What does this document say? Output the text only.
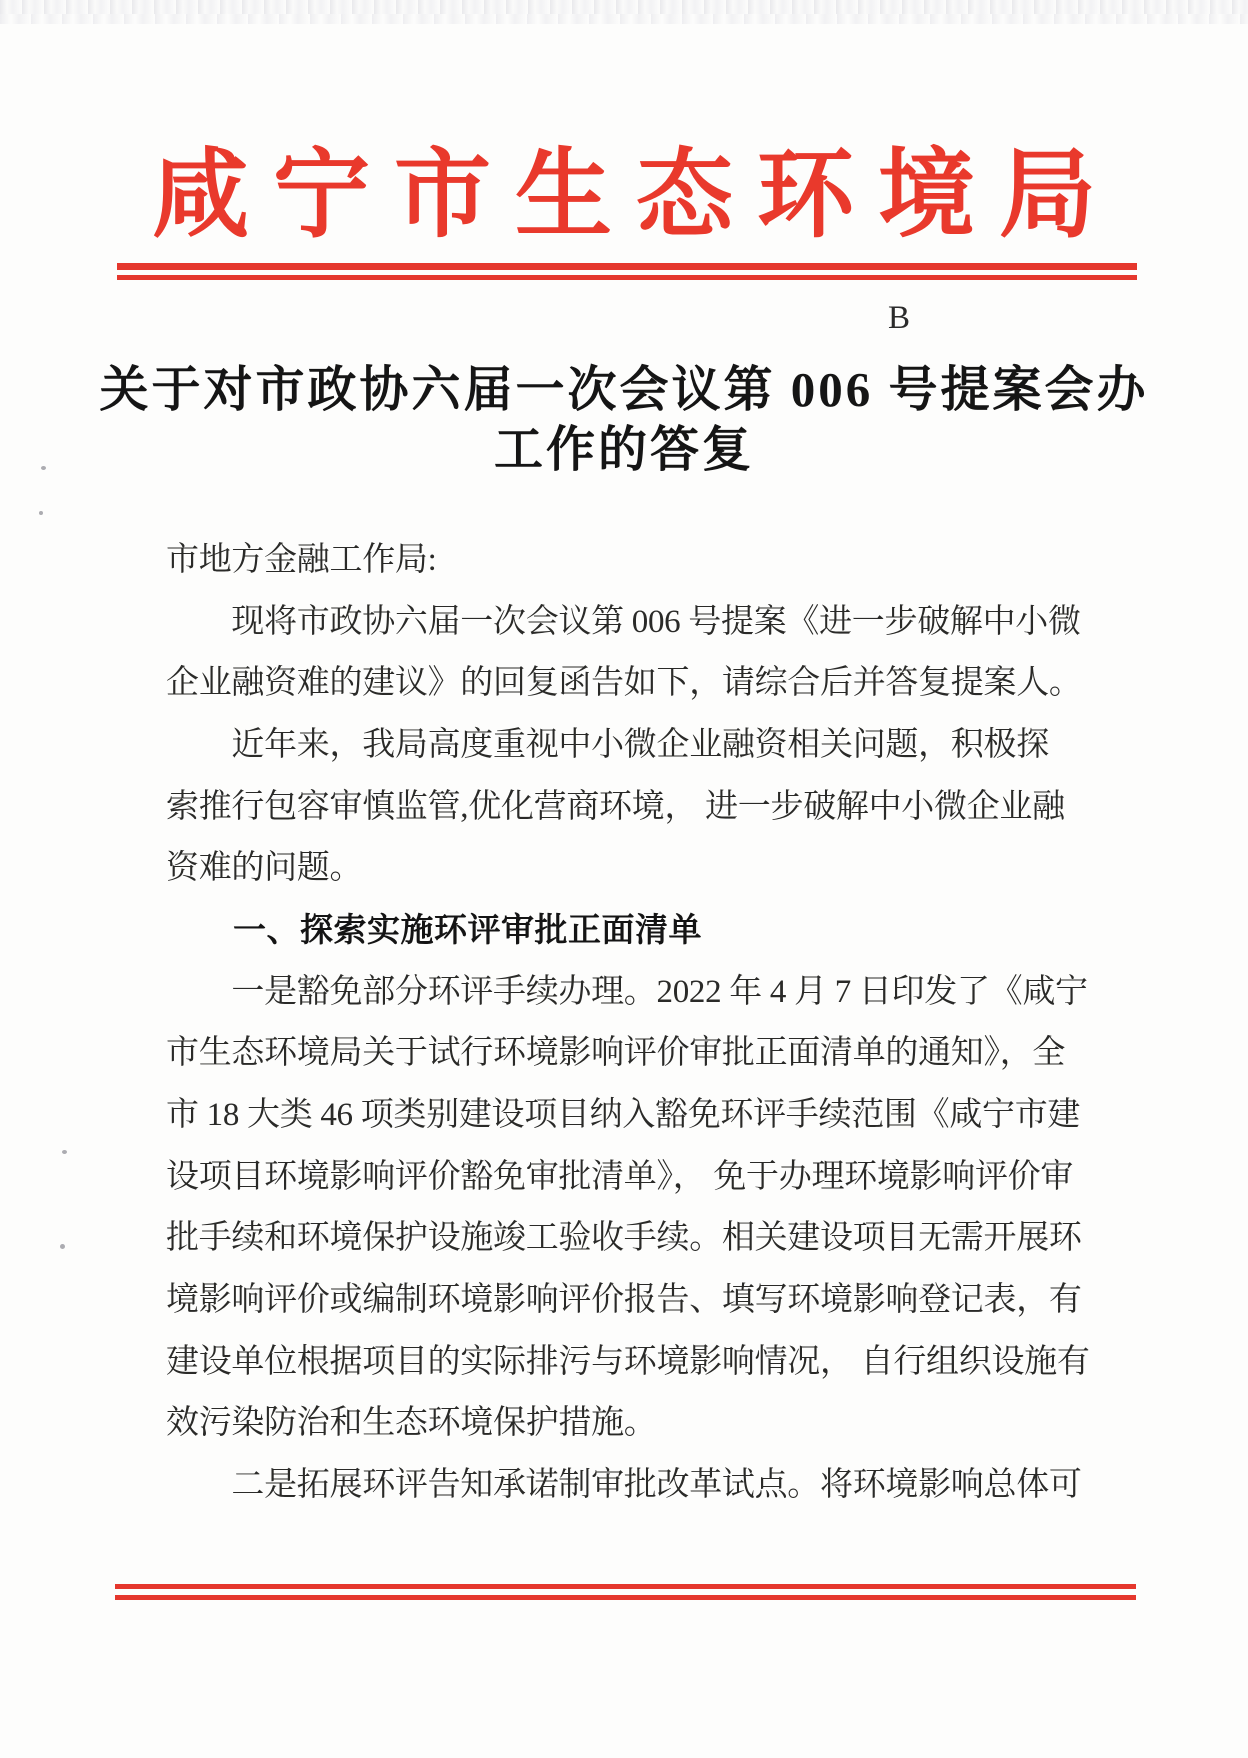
咸宁市生态环境局
B
关于对市政协六届一次会议第 006 号提案会办
工作的答复
市地方金融工作局:
　　现将市政协六届一次会议第 006 号提案《进一步破解中小微
企业融资难的建议》的回复函告如下，请综合后并答复提案人。
　　近年来，我局高度重视中小微企业融资相关问题，积极探
索推行包容审慎监管,优化营商环境， 进一步破解中小微企业融
资难的问题。
　　一、探索实施环评审批正面清单
　　一是豁免部分环评手续办理。2022 年 4 月 7 日印发了《咸宁
市生态环境局关于试行环境影响评价审批正面清单的通知》，全
市 18 大类 46 项类别建设项目纳入豁免环评手续范围《咸宁市建
设项目环境影响评价豁免审批清单》， 免于办理环境影响评价审
批手续和环境保护设施竣工验收手续。相关建设项目无需开展环
境影响评价或编制环境影响评价报告、填写环境影响登记表，有
建设单位根据项目的实际排污与环境影响情况， 自行组织设施有
效污染防治和生态环境保护措施。
　　二是拓展环评告知承诺制审批改革试点。将环境影响总体可
